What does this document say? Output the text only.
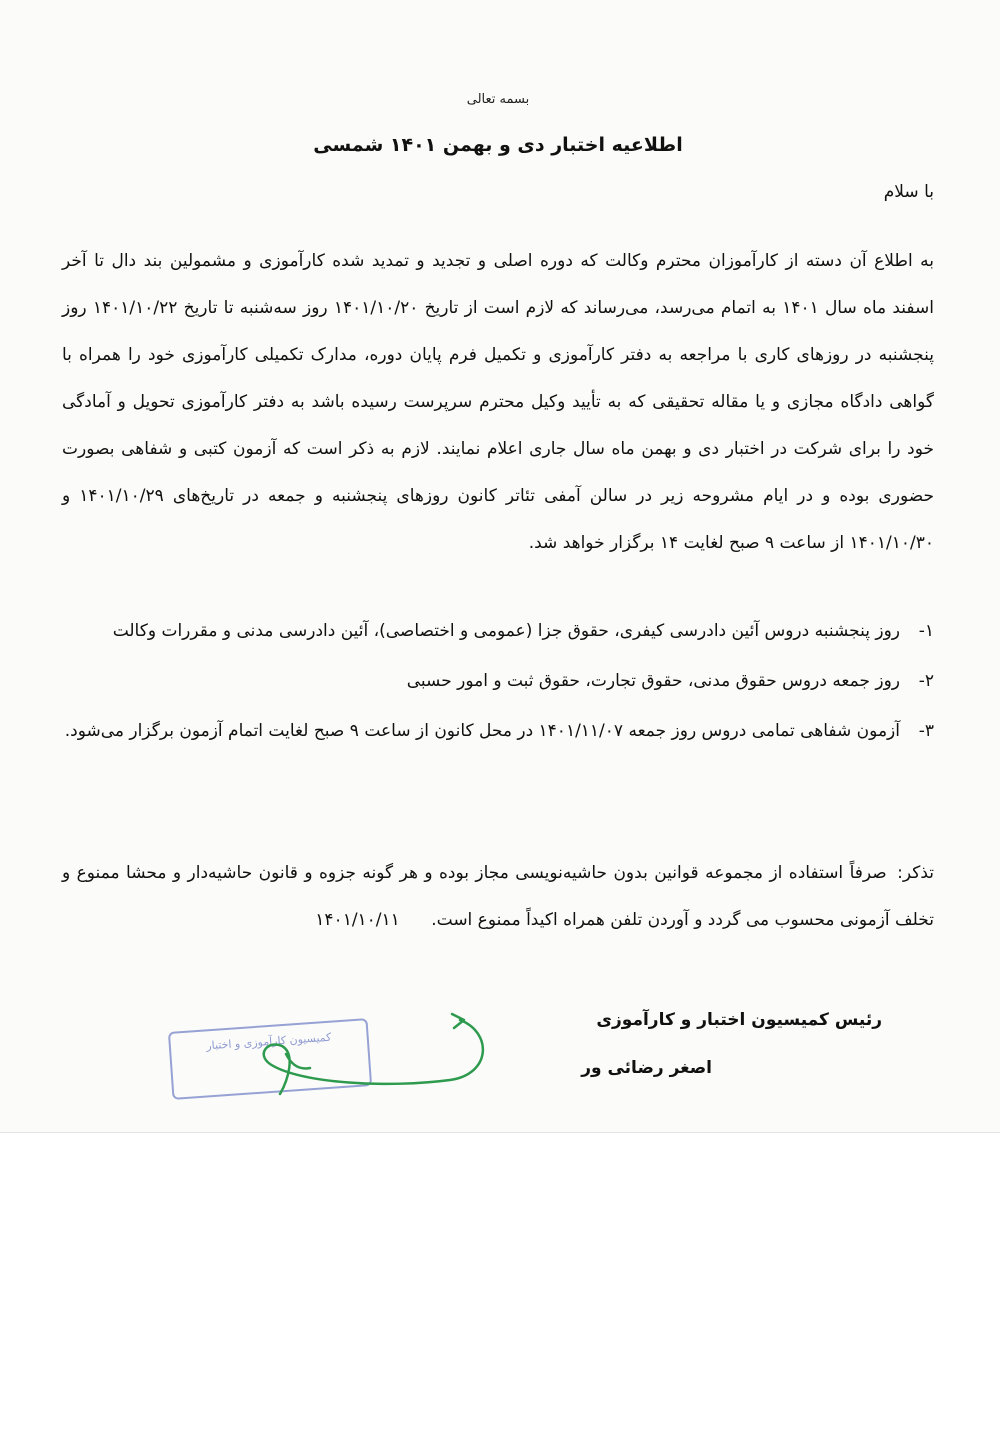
بسمه تعالی
اطلاعیه اختبار دی و بهمن ۱۴۰۱ شمسی
با سلام
به اطلاع آن دسته از کارآموزان محترم وکالت که دوره اصلی و تجدید و تمدید شده کارآموزی و مشمولین بند دال تا آخر اسفند ماه سال ۱۴۰۱ به اتمام می‌رسد، می‌رساند که لازم است از تاریخ ۱۴۰۱/۱۰/۲۰ روز سه‌شنبه تا تاریخ ۱۴۰۱/۱۰/۲۲ روز پنجشنبه در روزهای کاری با مراجعه به دفتر کارآموزی و تکمیل فرم پایان دوره، مدارک تکمیلی کارآموزی خود را همراه با گواهی دادگاه مجازی و یا مقاله تحقیقی که به تأیید وکیل محترم سرپرست رسیده باشد به دفتر کارآموزی تحویل و آمادگی خود را برای شرکت در اختبار دی و بهمن ماه سال جاری اعلام نمایند. لازم به ذکر است که آزمون کتبی و شفاهی بصورت حضوری بوده و در ایام مشروحه زیر در سالن آمفی تئاتر کانون روزهای پنجشنبه و جمعه در تاریخ‌های ۱۴۰۱/۱۰/۲۹ و ۱۴۰۱/۱۰/۳۰ از ساعت ۹ صبح لغایت ۱۴ برگزار خواهد شد.
۱-
روز پنجشنبه دروس آئین دادرسی کیفری، حقوق جزا (عمومی و اختصاصی)، آئین دادرسی مدنی و مقررات وکالت
۲-
روز جمعه دروس حقوق مدنی، حقوق تجارت، حقوق ثبت و امور حسبی
۳-
آزمون شفاهی تمامی دروس روز جمعه ۱۴۰۱/۱۱/۰۷ در محل کانون از ساعت ۹ صبح لغایت اتمام آزمون برگزار می‌شود.
تذکر: صرفاً استفاده از مجموعه قوانین بدون حاشیه‌نویسی مجاز بوده و هر گونه جزوه و قانون حاشیه‌دار و محشا ممنوع و تخلف آزمونی محسوب می گردد و آوردن تلفن همراه اکیداً ممنوع است. ۱۴۰۱/۱۰/۱۱
رئیس کمیسیون اختبار و کارآموزی
اصغر رضائی ور
کمیسیون کارآموزی و اختبار
